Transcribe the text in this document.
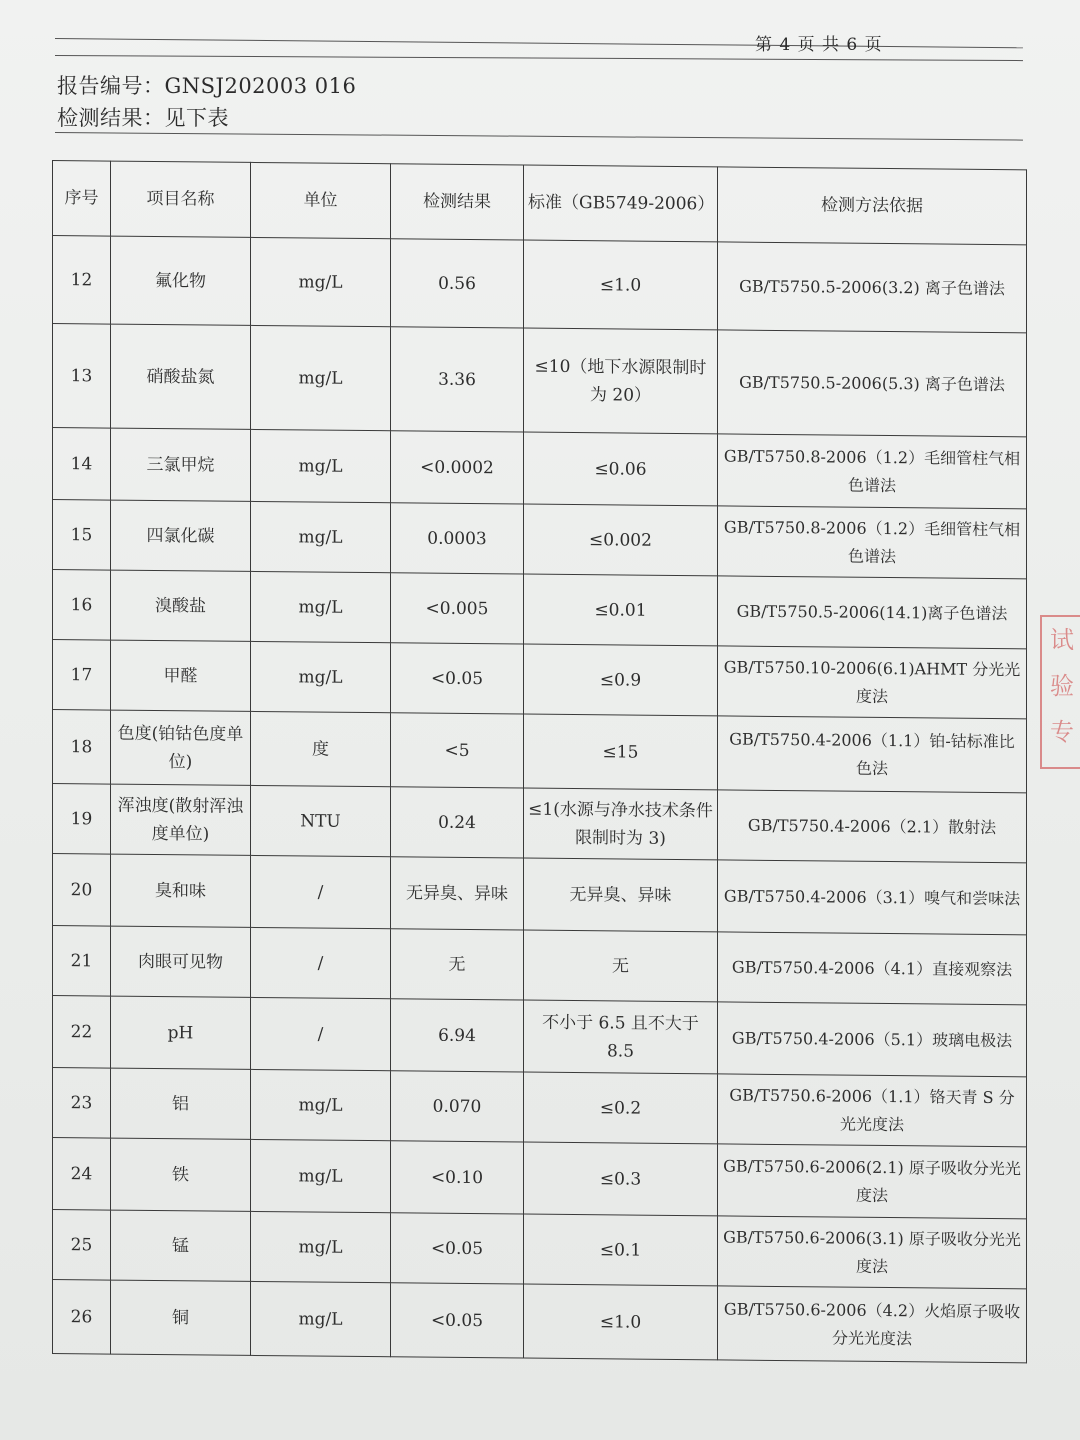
第 4 页 共 6 页
报告编号：GNSJ202003 016
检测结果：见下表
序号	项目名称	单位	检测结果	标准（GB5749-2006）	检测方法依据
12	氟化物	mg/L	0.56	≤1.0	GB/T5750.5-2006(3.2) 离子色谱法
13	硝酸盐氮	mg/L	3.36	≤10（地下水源限制时为 20）	GB/T5750.5-2006(5.3) 离子色谱法
14	三氯甲烷	mg/L	<0.0002	≤0.06	GB/T5750.8-2006（1.2）毛细管柱气相色谱法
15	四氯化碳	mg/L	0.0003	≤0.002	GB/T5750.8-2006（1.2）毛细管柱气相色谱法
16	溴酸盐	mg/L	<0.005	≤0.01	GB/T5750.5-2006(14.1)离子色谱法
17	甲醛	mg/L	<0.05	≤0.9	GB/T5750.10-2006(6.1)AHMT 分光光度法
18	色度(铂钴色度单位)	度	<5	≤15	GB/T5750.4-2006（1.1）铂-钴标准比色法
19	浑浊度(散射浑浊度单位)	NTU	0.24	≤1(水源与净水技术条件限制时为 3)	GB/T5750.4-2006（2.1）散射法
20	臭和味	/	无异臭、异味	无异臭、异味	GB/T5750.4-2006（3.1）嗅气和尝味法
21	肉眼可见物	/	无	无	GB/T5750.4-2006（4.1）直接观察法
22	pH	/	6.94	不小于 6.5 且不大于 8.5	GB/T5750.4-2006（5.1）玻璃电极法
23	铝	mg/L	0.070	≤0.2	GB/T5750.6-2006（1.1）铬天青 S 分光光度法
24	铁	mg/L	<0.10	≤0.3	GB/T5750.6-2006(2.1) 原子吸收分光光度法
25	锰	mg/L	<0.05	≤0.1	GB/T5750.6-2006(3.1) 原子吸收分光光度法
26	铜	mg/L	<0.05	≤1.0	GB/T5750.6-2006（4.2）火焰原子吸收分光光度法
试 验 专
